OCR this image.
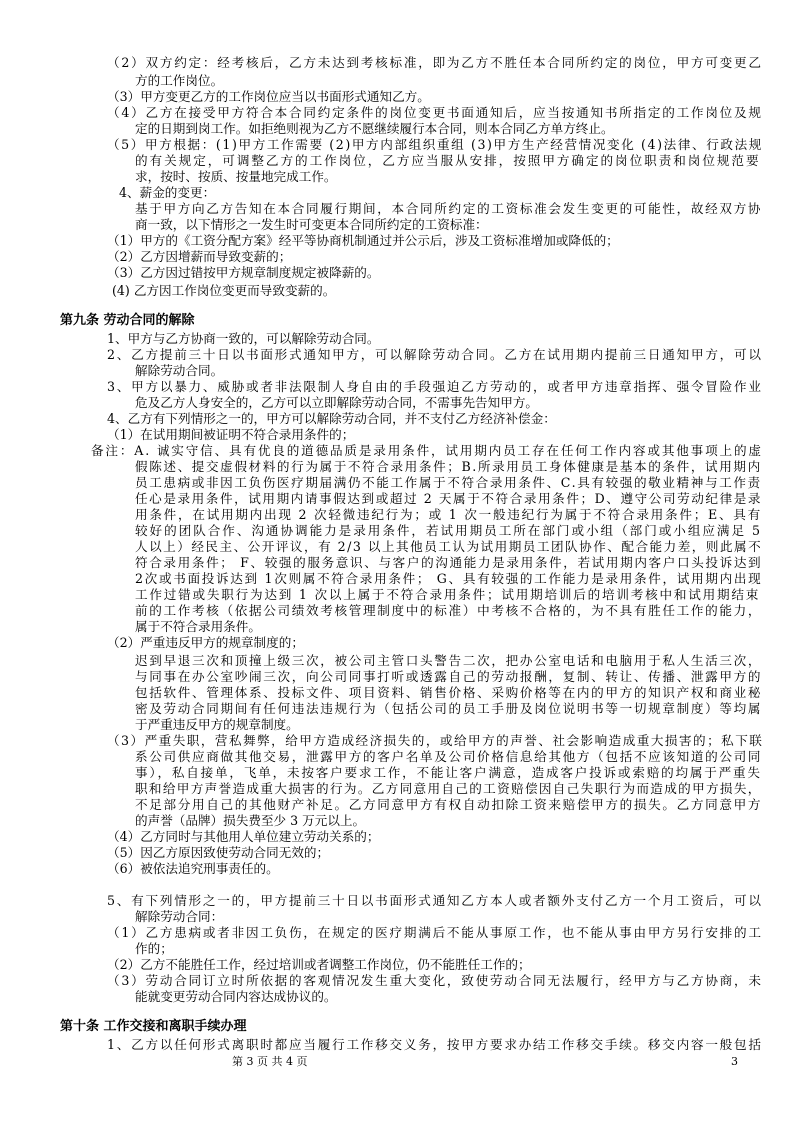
（2）双方约定：经考核后，乙方未达到考核标准，即为乙方不胜任本合同所约定的岗位，甲方可变更乙
方的工作岗位。
（3）甲方变更乙方的工作岗位应当以书面形式通知乙方。
（4）乙方在接受甲方符合本合同约定条件的岗位变更书面通知后，应当按通知书所指定的工作岗位及规
定的日期到岗工作。如拒绝则视为乙方不愿继续履行本合同，则本合同乙方单方终止。
（5）甲方根据：(1)甲方工作需要 (2)甲方内部组织重组 (3)甲方生产经营情况变化 (4)法律、行政法规
的有关规定，可调整乙方的工作岗位，乙方应当服从安排，按照甲方确定的岗位职责和岗位规范要
求，按时、按质、按量地完成工作。
4、薪金的变更：
基于甲方向乙方告知在本合同履行期间，本合同所约定的工资标准会发生变更的可能性，故经双方协
商一致，以下情形之一发生时可变更本合同所约定的工资标准：
（1）甲方的《工资分配方案》经平等协商机制通过并公示后，涉及工资标准增加或降低的；
（2）乙方因增薪而导致变薪的；
（3）乙方因过错按甲方规章制度规定被降薪的。
(4) 乙方因工作岗位变更而导致变薪的。
第九条 劳动合同的解除
1、甲方与乙方协商一致的，可以解除劳动合同。
2、乙方提前三十日以书面形式通知甲方，可以解除劳动合同。乙方在试用期内提前三日通知甲方，可以
解除劳动合同。
3、甲方以暴力、威胁或者非法限制人身自由的手段强迫乙方劳动的，或者甲方违章指挥、强令冒险作业
危及乙方人身安全的，乙方可以立即解除劳动合同，不需事先告知甲方。
4、乙方有下列情形之一的，甲方可以解除劳动合同，并不支付乙方经济补偿金：
（1）在试用期间被证明不符合录用条件的；
备注：A. 诚实守信、具有优良的道德品质是录用条件，试用期内员工存在任何工作内容或其他事项上的虚
假陈述、提交虚假材料的行为属于不符合录用条件；B.所录用员工身体健康是基本的条件，试用期内
员工患病或非因工负伤医疗期届满仍不能工作属于不符合录用条件、C.具有较强的敬业精神与工作责
任心是录用条件，试用期内请事假达到或超过 2 天属于不符合录用条件；D、遵守公司劳动纪律是录
用条件，在试用期内出现 2 次轻微违纪行为；或 1 次一般违纪行为属于不符合录用条件；E、具有
较好的团队合作、沟通协调能力是录用条件，若试用期员工所在部门或小组（部门或小组应满足 5
人以上）经民主、公开评议，有 2/3 以上其他员工认为试用期员工团队协作、配合能力差，则此属不
符合录用条件； F、较强的服务意识、与客户的沟通能力是录用条件，若试用期内客户口头投诉达到
2次或书面投诉达到 1次则属不符合录用条件； G、具有较强的工作能力是录用条件，试用期内出现
工作过错或失职行为达到 1 次以上属于不符合录用条件；试用期培训后的培训考核中和试用期结束
前的工作考核（依据公司绩效考核管理制度中的标准）中考核不合格的，为不具有胜任工作的能力，
属于不符合录用条件。
（2）严重违反甲方的规章制度的；
迟到早退三次和顶撞上级三次，被公司主管口头警告二次，把办公室电话和电脑用于私人生活三次，
与同事在办公室吵闹三次，向公司同事打听或透露自己的劳动报酬，复制、转让、传播、泄露甲方的
包括软件、管理体系、投标文件、项目资料、销售价格、采购价格等在内的甲方的知识产权和商业秘
密及劳动合同期间有任何违法违规行为（包括公司的员工手册及岗位说明书等一切规章制度）等均属
于严重违反甲方的规章制度。
（3）严重失职，营私舞弊，给甲方造成经济损失的，或给甲方的声誉、社会影响造成重大损害的；私下联
系公司供应商做其他交易，泄露甲方的客户名单及公司价格信息给其他方（包括不应该知道的公司同
事），私自接单，飞单，未按客户要求工作，不能让客户满意，造成客户投诉或索赔的均属于严重失
职和给甲方声誉造成重大损害的行为。乙方同意用自己的工资赔偿因自己失职行为而造成的甲方损失，
不足部分用自己的其他财产补足。乙方同意甲方有权自动扣除工资来赔偿甲方的损失。乙方同意甲方
的声誉（品牌）损失费至少 3 万元以上。
（4）乙方同时与其他用人单位建立劳动关系的；
（5）因乙方原因致使劳动合同无效的；
（6）被依法追究刑事责任的。
5、有下列情形之一的，甲方提前三十日以书面形式通知乙方本人或者额外支付乙方一个月工资后，可以
解除劳动合同：
（1）乙方患病或者非因工负伤，在规定的医疗期满后不能从事原工作，也不能从事由甲方另行安排的工
作的；
（2）乙方不能胜任工作，经过培训或者调整工作岗位，仍不能胜任工作的；
（3）劳动合同订立时所依据的客观情况发生重大变化，致使劳动合同无法履行，经甲方与乙方协商，未
能就变更劳动合同内容达成协议的。
第十条 工作交接和离职手续办理
1、乙方以任何形式离职时都应当履行工作移交义务，按甲方要求办结工作移交手续。移交内容一般包括
第 3 页 共 4 页	3
